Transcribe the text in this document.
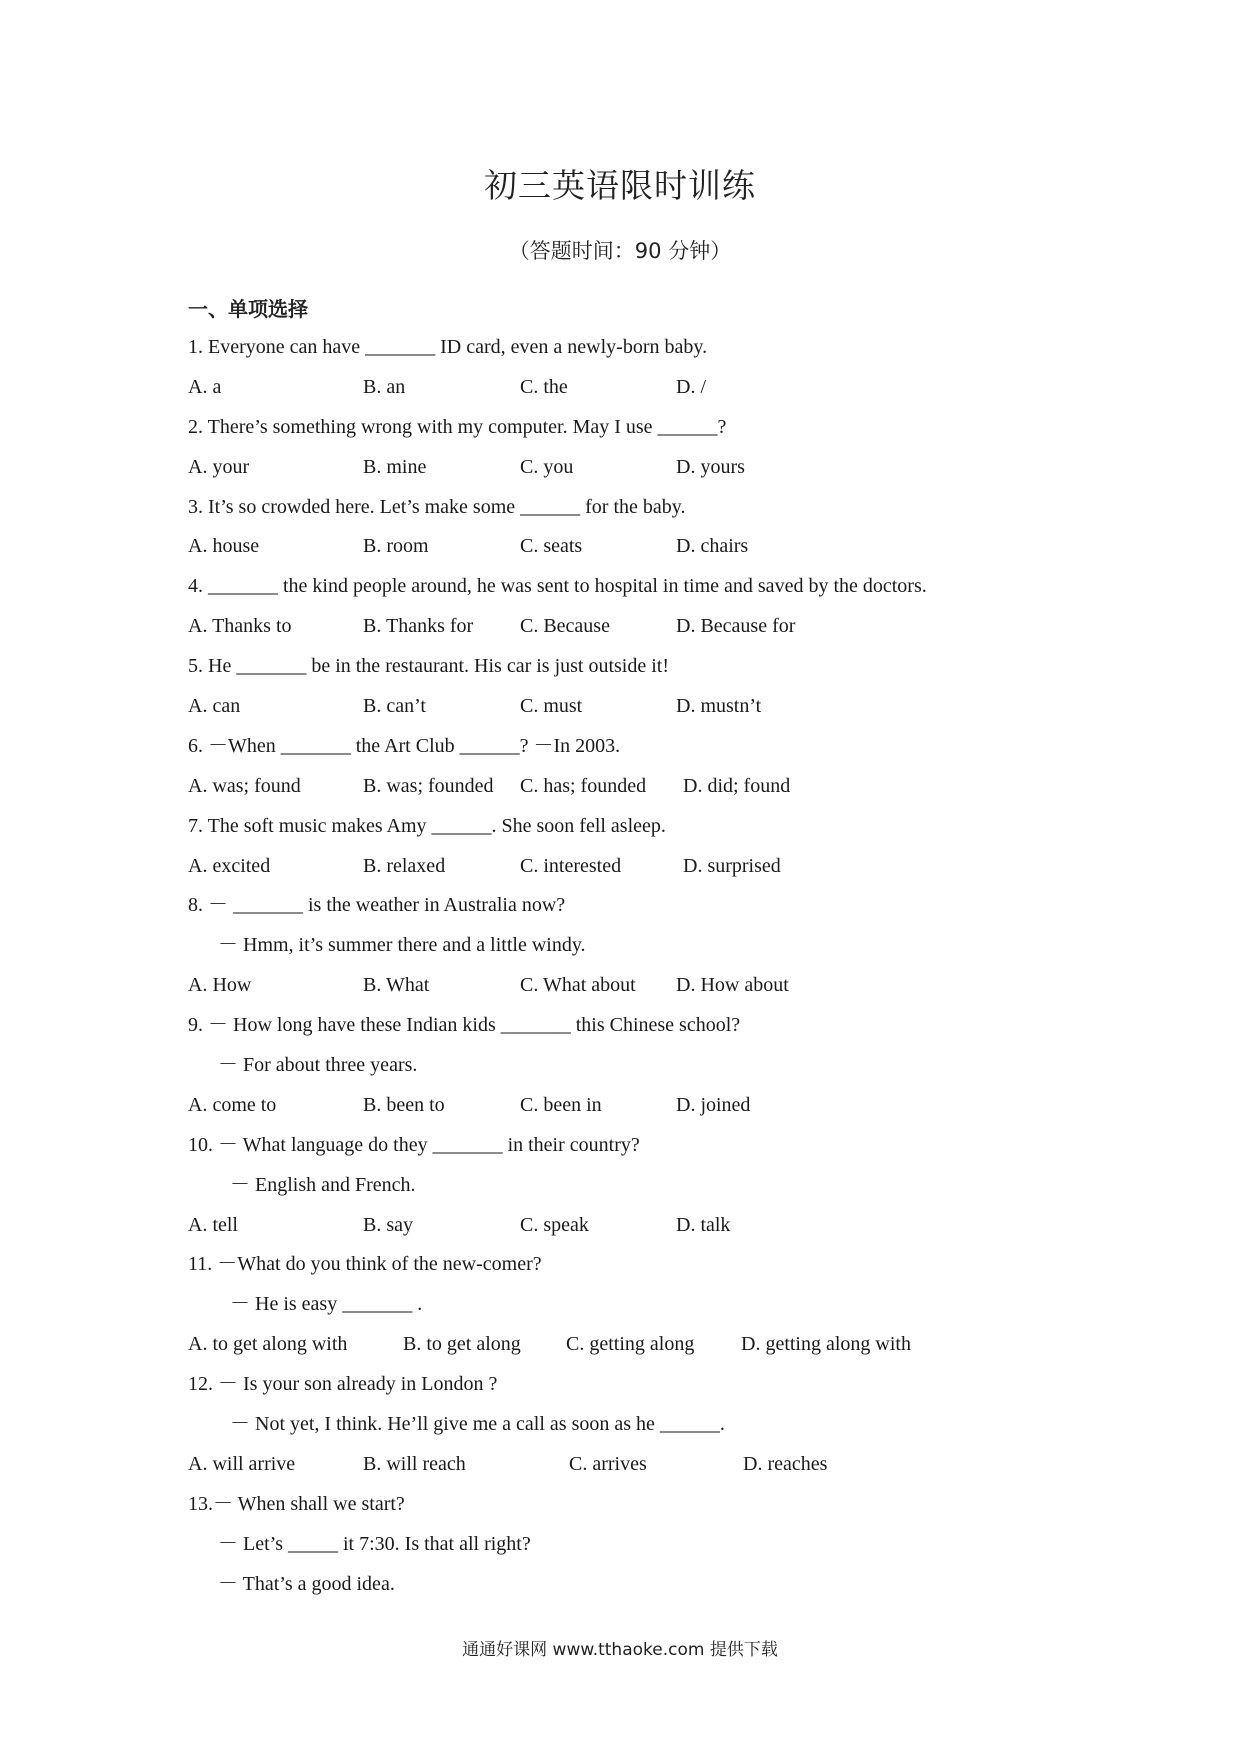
初三英语限时训练
（答题时间：90 分钟）
一、单项选择
1. Everyone can have _______ ID card, even a newly-born baby.
A. a	B. an	C. the	D. /
2. There’s something wrong with my computer. May I use ______?
A. your	B. mine	C. you	D. yours
3. It’s so crowded here. Let’s make some ______ for the baby.
A. house	B. room	C. seats	D. chairs
4. _______ the kind people around, he was sent to hospital in time and saved by the doctors.
A. Thanks to	B. Thanks for C. Because	D. Because for
5. He _______ be in the restaurant. His car is just outside it!
A. can	B. can’t	C. must	D. mustn’t
6. －When _______ the Art Club ______? －In 2003.
A. was; found	B. was; founded C. has; founded D. did; found
7. The soft music makes Amy ______. She soon fell asleep.
A. excited	B. relaxed	C. interested	D. surprised
8. － _______ is the weather in Australia now?
－ Hmm, it’s summer there and a little windy.
A. How	B. What	C. What about D. How about
9. － How long have these Indian kids _______ this Chinese school?
－ For about three years.
A. come to	B. been to	C. been in	D. joined
10. － What language do they _______ in their country?
－ English and French.
A. tell	B. say	C. speak	D. talk
11. －What do you think of the new-comer?
－ He is easy _______ .
A. to get along with	B. to get along C. getting along D. getting along with
12. － Is your son already in London ?
－ Not yet, I think. He’ll give me a call as soon as he ______.
A. will arrive	B. will reach	C. arrives	D. reaches
13.－ When shall we start?
－ Let’s _____ it 7:30. Is that all right?
－ That’s a good idea.
通通好课网 www.tthaoke.com 提供下载
